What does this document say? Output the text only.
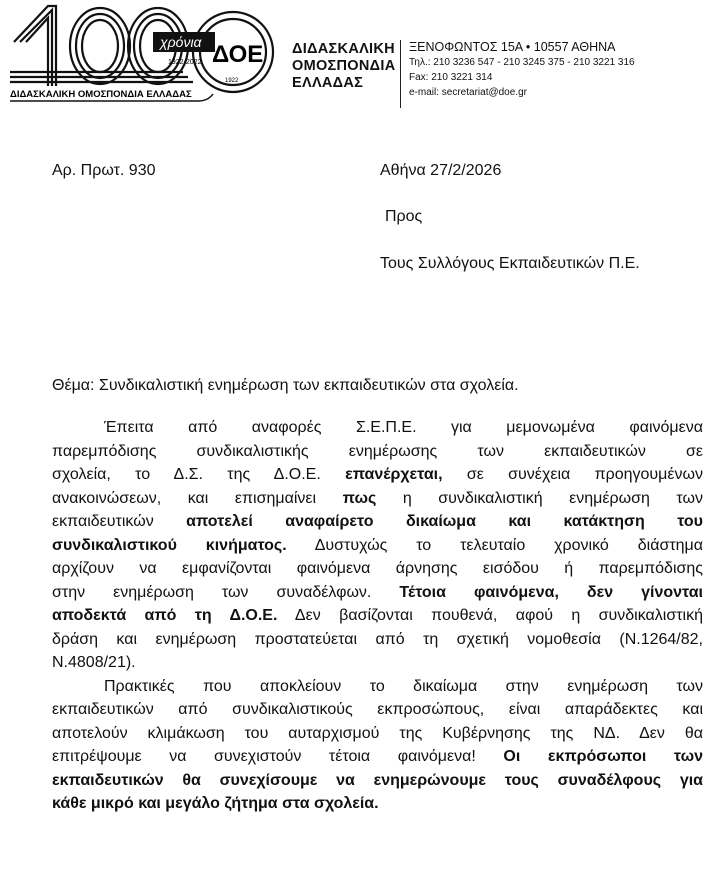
χρόνια
1922-2022
ΔΙΔΑΣΚΑΛΙΚΗ ΟΜΟΣΠΟΝΔΙΑ ΕΛΛΑΔΑΣ
ΔΟΕ
1922
ΔΙΔΑΣΚΑΛΙΚΗ
ΟΜΟΣΠΟΝΔΙΑ
ΕΛΛΑΔΑΣ
ΞΕΝΟΦΩΝΤΟΣ 15Α • 10557 ΑΘΗΝΑ
Τηλ.: 210 3236 547 - 210 3245 375 - 210 3221 316
Fax: 210 3221 314
e-mail: secretariat@doe.gr
Αρ. Πρωτ. 930	Αθήνα 27/2/2026
Προς
Τους Συλλόγους Εκπαιδευτικών Π.Ε.
Θέμα: Συνδικαλιστική ενημέρωση των εκπαιδευτικών στα σχολεία.
Έπειτα από αναφορές Σ.Ε.Π.Ε. για μεμονωμένα φαινόμενα
παρεμπόδισης συνδικαλιστικής ενημέρωσης των εκπαιδευτικών σε
σχολεία, το Δ.Σ. της Δ.Ο.Ε. επανέρχεται, σε συνέχεια προηγουμένων
ανακοινώσεων, και επισημαίνει πως η συνδικαλιστική ενημέρωση των
εκπαιδευτικών αποτελεί αναφαίρετο δικαίωμα και κατάκτηση του
συνδικαλιστικού κινήματος. Δυστυχώς το τελευταίο χρονικό διάστημα
αρχίζουν να εμφανίζονται φαινόμενα άρνησης εισόδου ή παρεμπόδισης
στην ενημέρωση των συναδέλφων. Τέτοια φαινόμενα, δεν γίνονται
αποδεκτά από τη Δ.Ο.Ε. Δεν βασίζονται πουθενά, αφού η συνδικαλιστική
δράση και ενημέρωση προστατεύεται από τη σχετική νομοθεσία (Ν.1264/82,
Ν.4808/21).
Πρακτικές που αποκλείουν το δικαίωμα στην ενημέρωση των
εκπαιδευτικών από συνδικαλιστικούς εκπροσώπους, είναι απαράδεκτες και
αποτελούν κλιμάκωση του αυταρχισμού της Κυβέρνησης της ΝΔ. Δεν θα
επιτρέψουμε να συνεχιστούν τέτοια φαινόμενα! Οι εκπρόσωποι των
εκπαιδευτικών θα συνεχίσουμε να ενημερώνουμε τους συναδέλφους για
κάθε μικρό και μεγάλο ζήτημα στα σχολεία.
